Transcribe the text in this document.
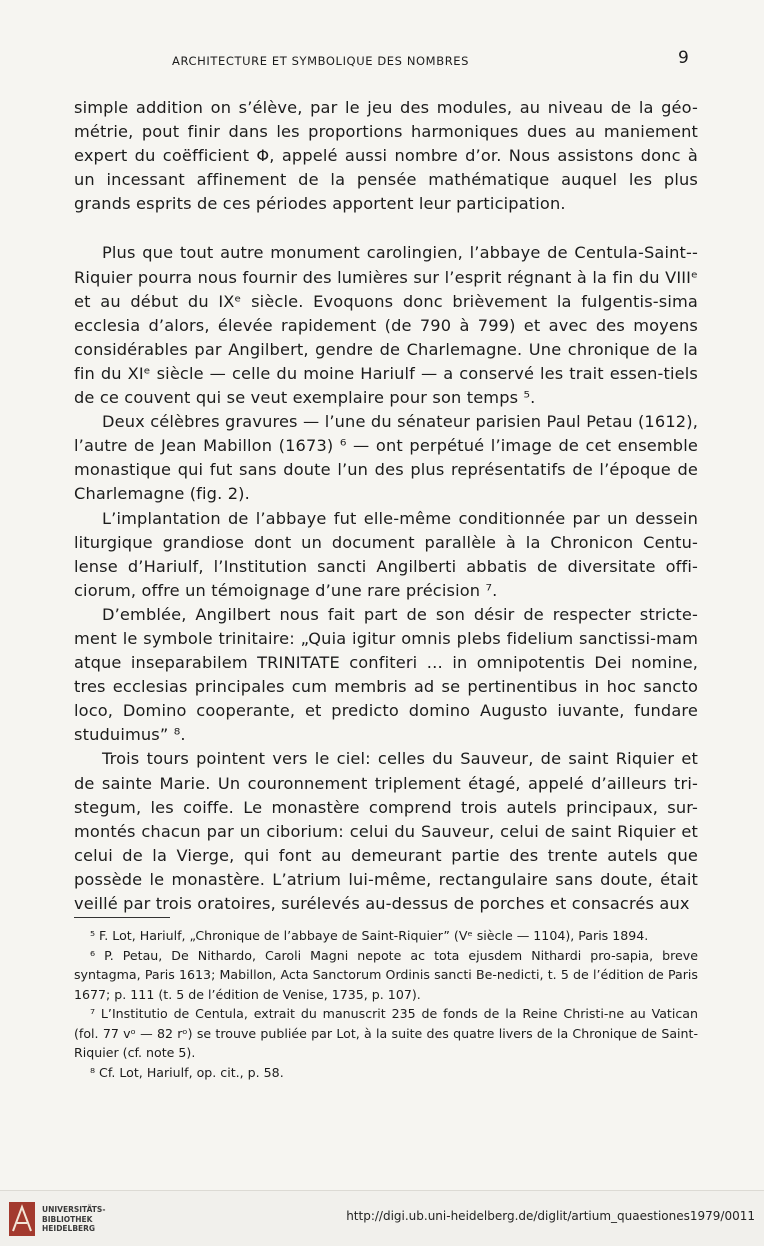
ARCHITECTURE ET SYMBOLIQUE DES NOMBRES	9

simple addition on s’élève, par le jeu des modules, au niveau de la géo-métrie, pout finir dans les proportions harmoniques dues au maniement expert du coëfficient Φ, appelé aussi nombre d’or. Nous assistons donc à un incessant affinement de la pensée mathématique auquel les plus grands esprits de ces périodes apportent leur participation.

Plus que tout autre monument carolingien, l’abbaye de Centula-Saint--Riquier pourra nous fournir des lumières sur l’esprit régnant à la fin du VIIIᵉ et au début du IXᵉ siècle. Evoquons donc brièvement la fulgentis-sima ecclesia d’alors, élevée rapidement (de 790 à 799) et avec des moyens considérables par Angilbert, gendre de Charlemagne. Une chronique de la fin du XIᵉ siècle — celle du moine Hariulf — a conservé les trait essen-tiels de ce couvent qui se veut exemplaire pour son temps ⁵.

Deux célèbres gravures — l’une du sénateur parisien Paul Petau (1612), l’autre de Jean Mabillon (1673) ⁶ — ont perpétué l’image de cet ensemble monastique qui fut sans doute l’un des plus représentatifs de l’époque de Charlemagne (fig. 2).

L’implantation de l’abbaye fut elle-même conditionnée par un dessein liturgique grandiose dont un document parallèle à la Chronicon Centu-lense d’Hariulf, l’Institution sancti Angilberti abbatis de diversitate offi-ciorum, offre un témoignage d’une rare précision ⁷.

D’emblée, Angilbert nous fait part de son désir de respecter stricte-ment le symbole trinitaire: „Quia igitur omnis plebs fidelium sanctissi-mam atque inseparabilem TRINITATE confiteri … in omnipotentis Dei nomine, tres ecclesias principales cum membris ad se pertinentibus in hoc sancto loco, Domino cooperante, et predicto domino Augusto iuvante, fundare studuimus” ⁸.

Trois tours pointent vers le ciel: celles du Sauveur, de saint Riquier et de sainte Marie. Un couronnement triplement étagé, appelé d’ailleurs tri-stegum, les coiffe. Le monastère comprend trois autels principaux, sur-montés chacun par un ciborium: celui du Sauveur, celui de saint Riquier et celui de la Vierge, qui font au demeurant partie des trente autels que possède le monastère. L’atrium lui-même, rectangulaire sans doute, était veillé par trois oratoires, surélevés au-dessus de porches et consacrés aux

⁵ F. Lot, Hariulf, „Chronique de l’abbaye de Saint-Riquier” (Vᵉ siècle — 1104), Paris 1894.

⁶ P. Petau, De Nithardo, Caroli Magni nepote ac tota ejusdem Nithardi pro-sapia, breve syntagma, Paris 1613; Mabillon, Acta Sanctorum Ordinis sancti Be-nedicti, t. 5 de l’édition de Paris 1677; p. 111 (t. 5 de l’édition de Venise, 1735, p. 107).

⁷ L’Institutio de Centula, extrait du manuscrit 235 de fonds de la Reine Christi-ne au Vatican (fol. 77 vᵒ — 82 rᵒ) se trouve publiée par Lot, à la suite des quatre livers de la Chronique de Saint-Riquier (cf. note 5).

⁸ Cf. Lot, Hariulf, op. cit., p. 58.

UNIVERSITÄTS-
BIBLIOTHEK
HEIDELBERG
http://digi.ub.uni-heidelberg.de/diglit/artium_quaestiones1979/0011
